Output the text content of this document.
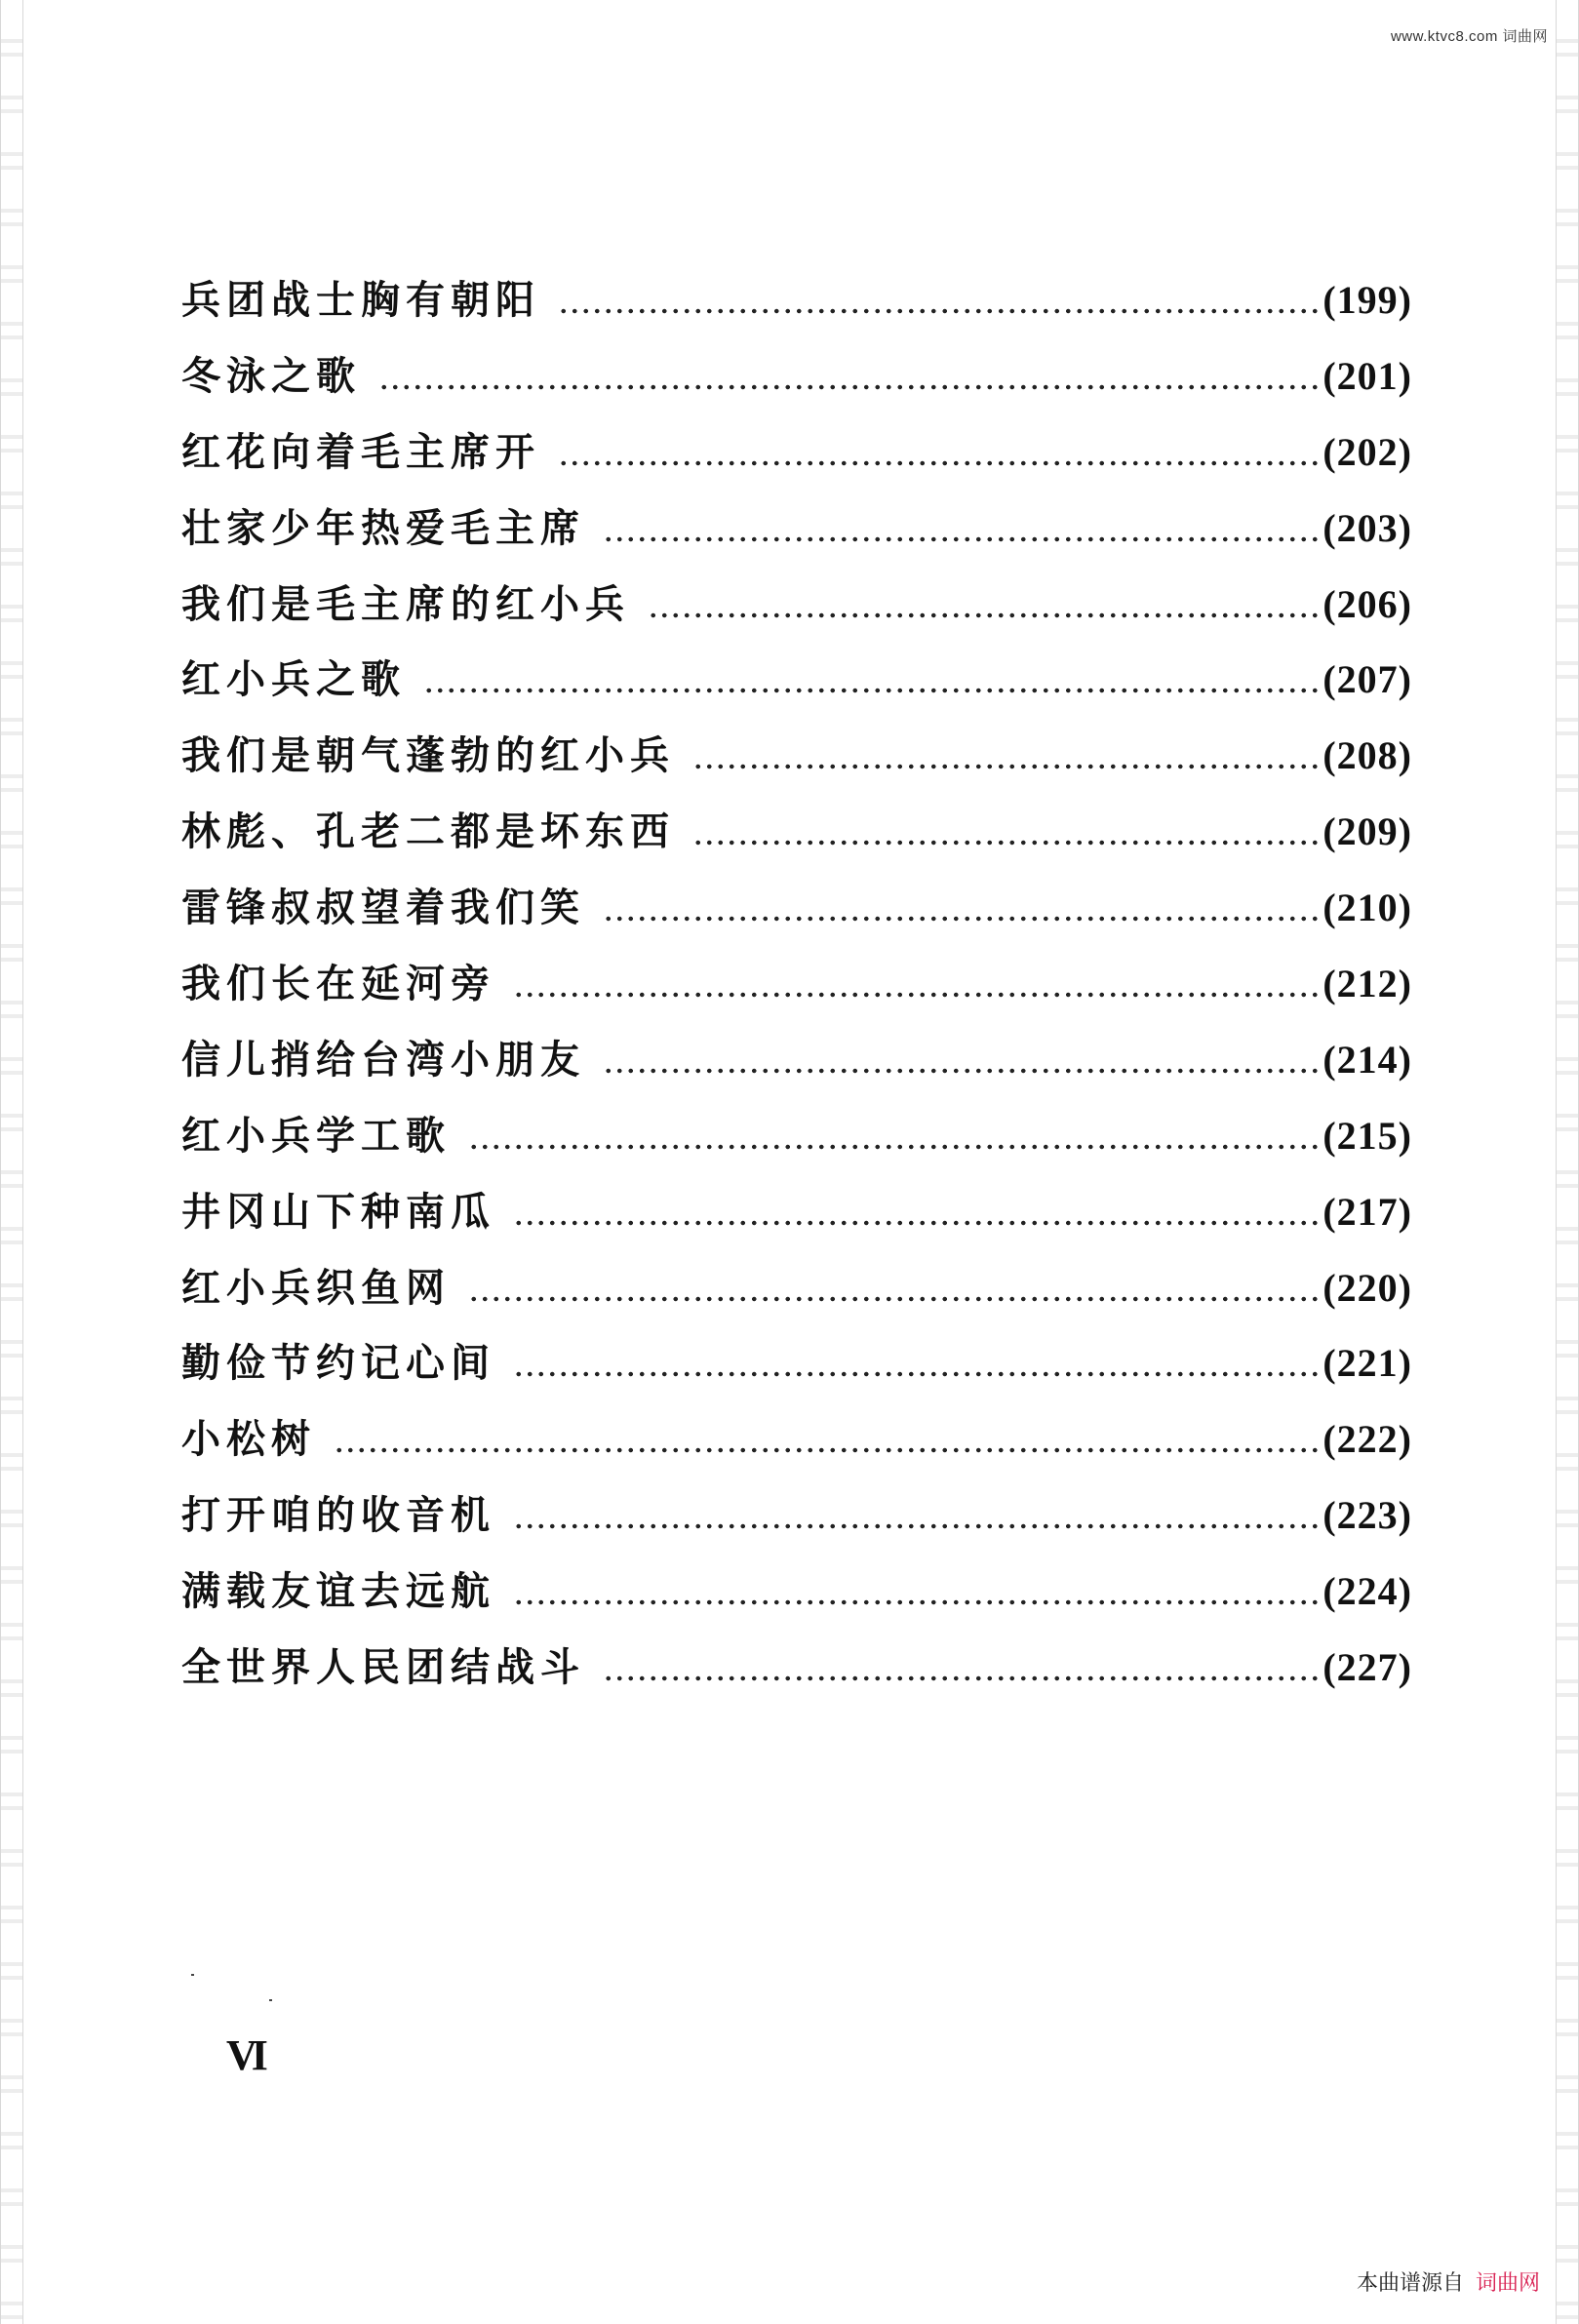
www.ktvc8.com 词曲网
兵团战士胸有朝阳	(199)
冬泳之歌	(201)
红花向着毛主席开	(202)
壮家少年热爱毛主席	(203)
我们是毛主席的红小兵	(206)
红小兵之歌	(207)
我们是朝气蓬勃的红小兵	(208)
林彪、孔老二都是坏东西	(209)
雷锋叔叔望着我们笑	(210)
我们长在延河旁	(212)
信儿捎给台湾小朋友	(214)
红小兵学工歌	(215)
井冈山下种南瓜	(217)
红小兵织鱼网	(220)
勤俭节约记心间	(221)
小松树	(222)
打开咱的收音机	(223)
满载友谊去远航	(224)
全世界人民团结战斗	(227)
VI
本曲谱源自 词曲网
